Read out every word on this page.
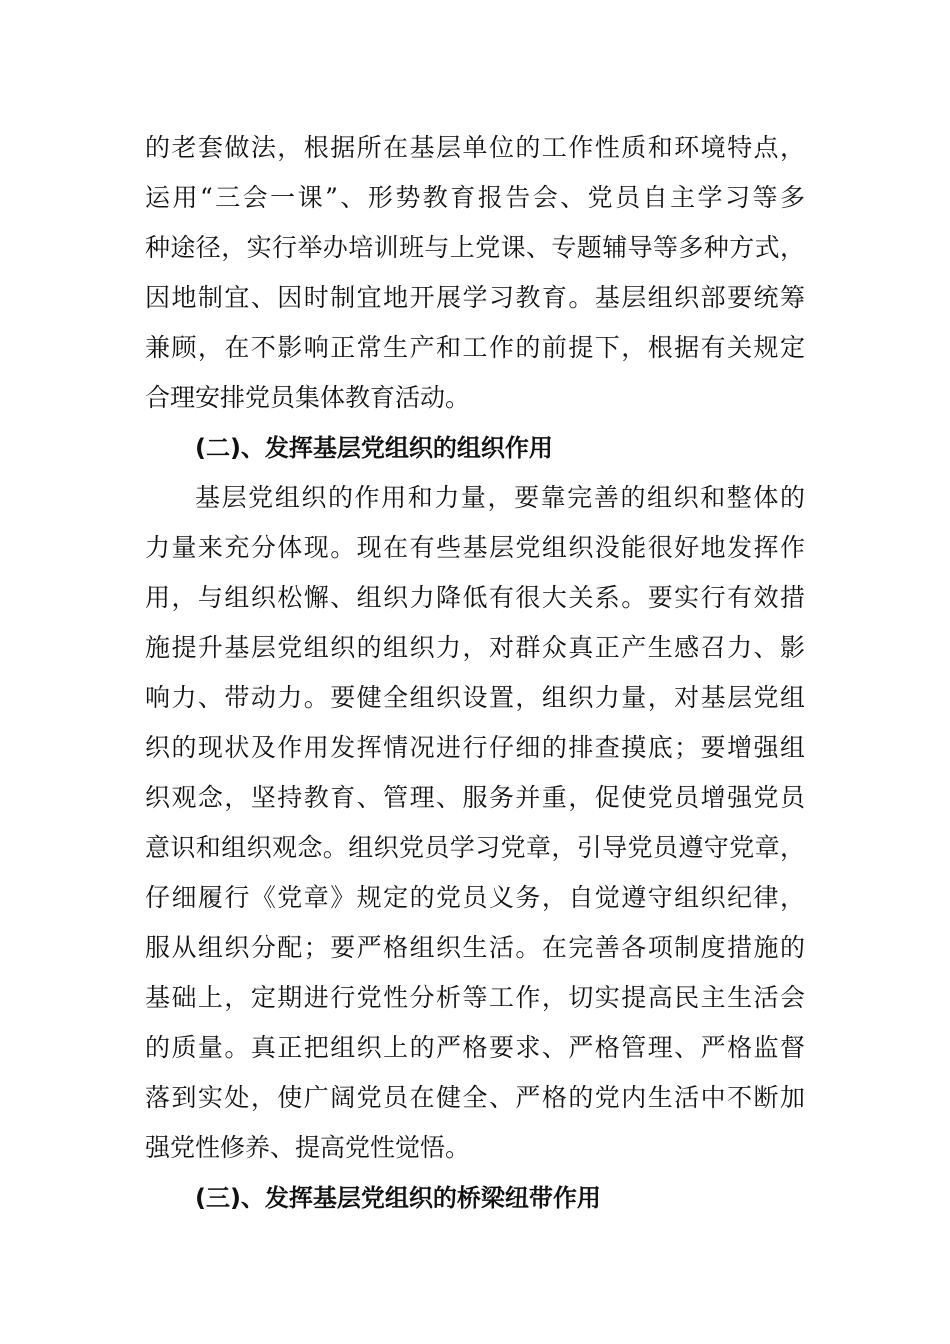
的老套做法，根据所在基层单位的工作性质和环境特点，
运用“三会一课”、形势教育报告会、党员自主学习等多
种途径，实行举办培训班与上党课、专题辅导等多种方式，
因地制宜、因时制宜地开展学习教育。基层组织部要统筹
兼顾，在不影响正常生产和工作的前提下，根据有关规定
合理安排党员集体教育活动。
(二)、发挥基层党组织的组织作用
基层党组织的作用和力量，要靠完善的组织和整体的
力量来充分体现。现在有些基层党组织没能很好地发挥作
用，与组织松懈、组织力降低有很大关系。要实行有效措
施提升基层党组织的组织力，对群众真正产生感召力、影
响力、带动力。要健全组织设置，组织力量，对基层党组
织的现状及作用发挥情况进行仔细的排查摸底；要增强组
织观念，坚持教育、管理、服务并重，促使党员增强党员
意识和组织观念。组织党员学习党章，引导党员遵守党章，
仔细履行《党章》规定的党员义务，自觉遵守组织纪律，
服从组织分配；要严格组织生活。在完善各项制度措施的
基础上，定期进行党性分析等工作，切实提高民主生活会
的质量。真正把组织上的严格要求、严格管理、严格监督
落到实处，使广阔党员在健全、严格的党内生活中不断加
强党性修养、提高党性觉悟。
(三)、发挥基层党组织的桥梁纽带作用
